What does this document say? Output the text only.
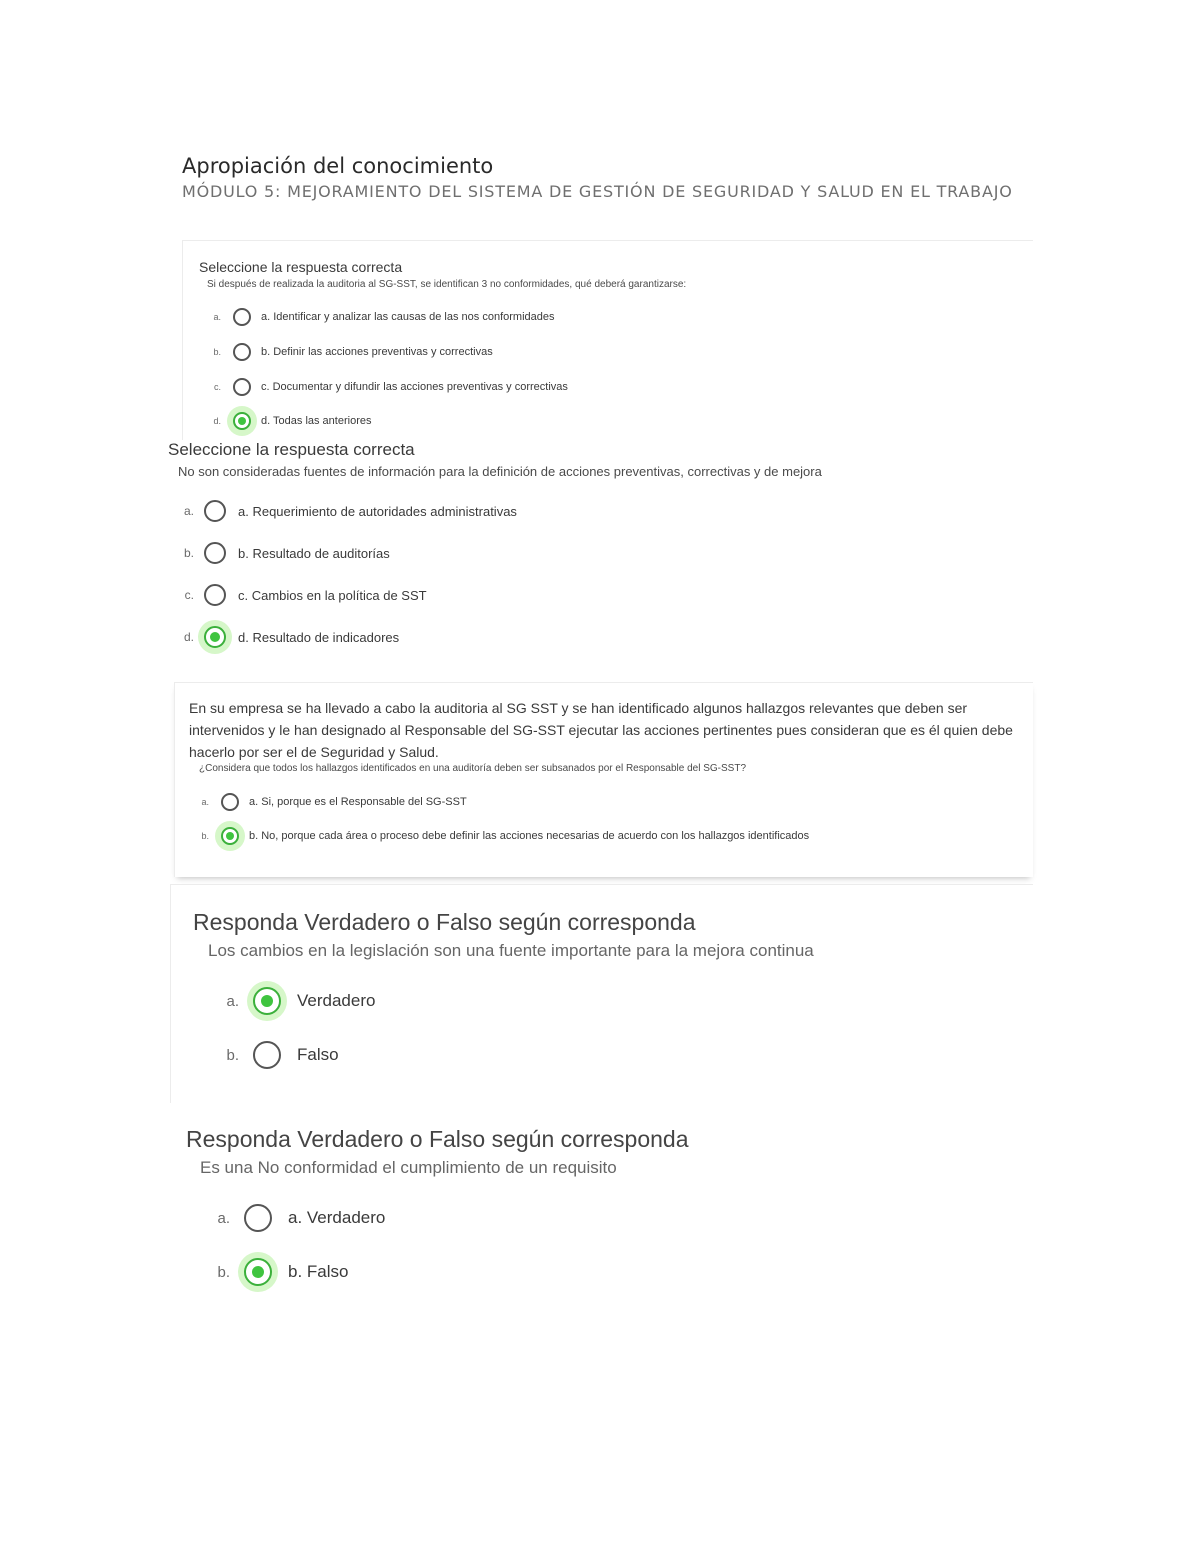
Apropiación del conocimiento
MÓDULO 5: MEJORAMIENTO DEL SISTEMA DE GESTIÓN DE SEGURIDAD Y SALUD EN EL TRABAJO
Seleccione la respuesta correcta
Si después de realizada la auditoria al SG-SST, se identifican 3 no conformidades, qué deberá garantizarse:
a.	a. Identificar y analizar las causas de las nos conformidades
b.	b. Definir las acciones preventivas y correctivas
c.	c. Documentar y difundir las acciones preventivas y correctivas
d.	d. Todas las anteriores
Seleccione la respuesta correcta
No son consideradas fuentes de información para la definición de acciones preventivas, correctivas y de mejora
a.	a. Requerimiento de autoridades administrativas
b.	b. Resultado de auditorías
c.	c. Cambios en la política de SST
d.	d. Resultado de indicadores
En su empresa se ha llevado a cabo la auditoria al SG SST y se han identificado algunos hallazgos relevantes que deben ser intervenidos y le han designado al Responsable del SG-SST ejecutar las acciones pertinentes pues consideran que es él quien debe hacerlo por ser el de Seguridad y Salud.
¿Considera que todos los hallazgos identificados en una auditoría deben ser subsanados por el Responsable del SG-SST?
a.	a. Si, porque es el Responsable del SG-SST
b.	b. No, porque cada área o proceso debe definir las acciones necesarias de acuerdo con los hallazgos identificados
Responda Verdadero o Falso según corresponda
Los cambios en la legislación son una fuente importante para la mejora continua
a.	Verdadero
b.	Falso
Responda Verdadero o Falso según corresponda
Es una No conformidad el cumplimiento de un requisito
a.	a. Verdadero
b.	b. Falso
